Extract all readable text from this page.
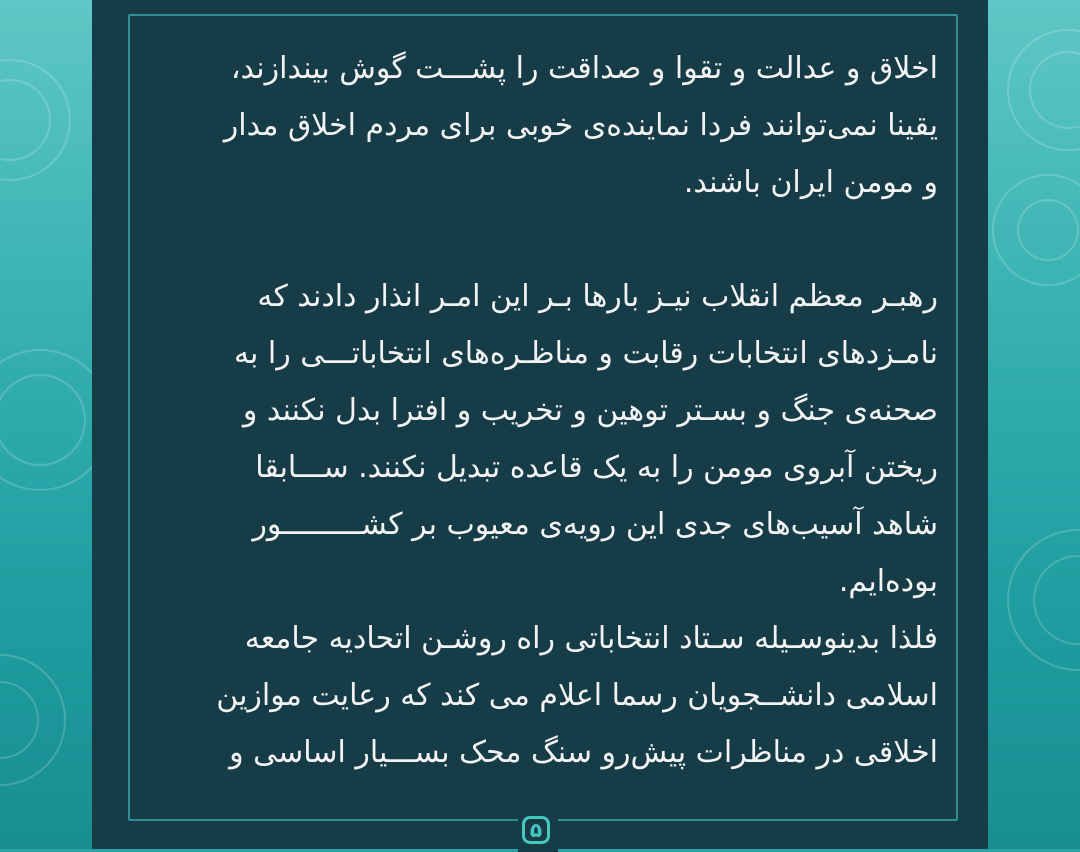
اخلاق و عدالت و تقوا و صداقت را پشـــت گوش بیندازند،
یقینا نمی‌توانند فردا نماینده‌ی خوبی برای مردم اخلاق مدار
و مومن ایران باشند.

رهبـر معظم انقلاب نیـز بارها بـر این امـر انذار دادند که
نامـزدهای انتخابات رقابت و مناظـره‌های انتخاباتـــی را به
صحنه‌ی جنگ و بسـتر توهین و تخریب و افترا بدل نکنند و
ریختن آبروی مومن را به یک قاعده تبدیل نکنند. ســـابقا
شاهد آسیب‌های جدی این رویه‌ی معیوب بر کشـــــــــور
بوده‌ایم.

فلذا بدینوسـیله سـتاد انتخاباتی راه روشـن اتحادیه جامعه
اسلامی دانشــجویان رسما اعلام می کند که رعایت موازین
اخلاقی در مناظرات پیش‌رو سنگ محک بســـیار اساسی و

۵
